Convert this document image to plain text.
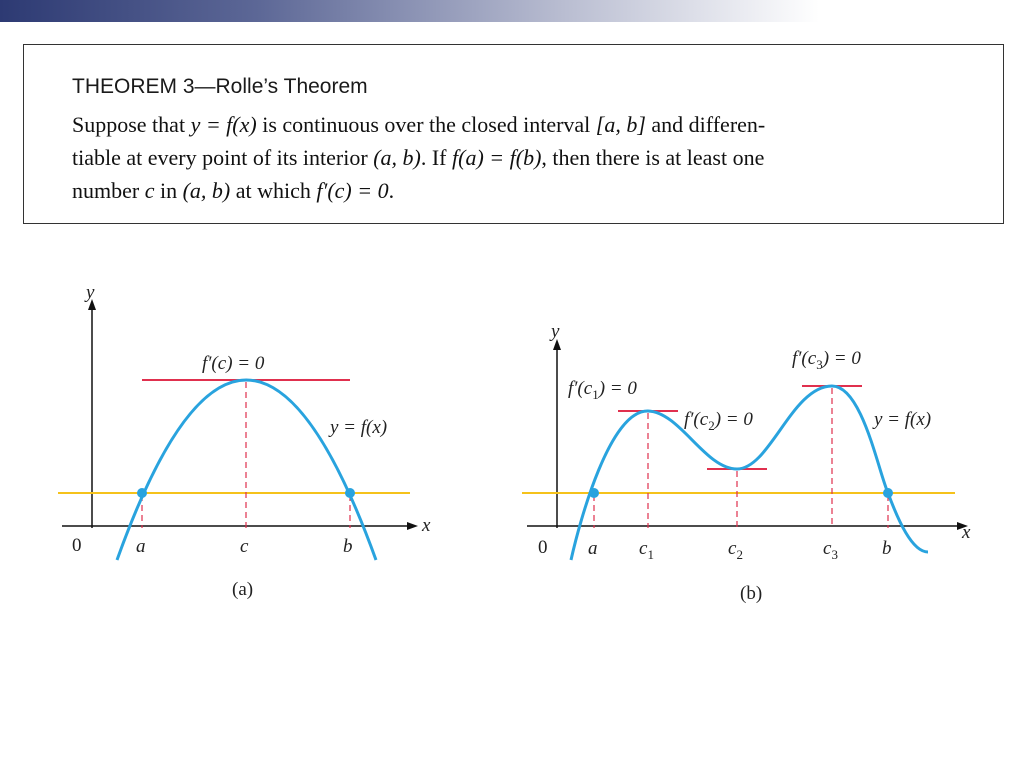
THEOREM 3—Rolle’s Theorem
Suppose that y = f(x) is continuous over the closed interval [a, b] and differen-
tiable at every point of its interior (a, b). If f(a) = f(b), then there is at least one
number c in (a, b) at which f′(c) = 0.
y
x
0	a	c	b
f′(c) = 0
y = f(x)
(a)
y
x
0 a $c_1$	$c_2$	$c_3$ b
$f'(c_1) = 0$
$f'(c_2) = 0$
$f'(c_3) = 0$
y = f(x)
(b)
